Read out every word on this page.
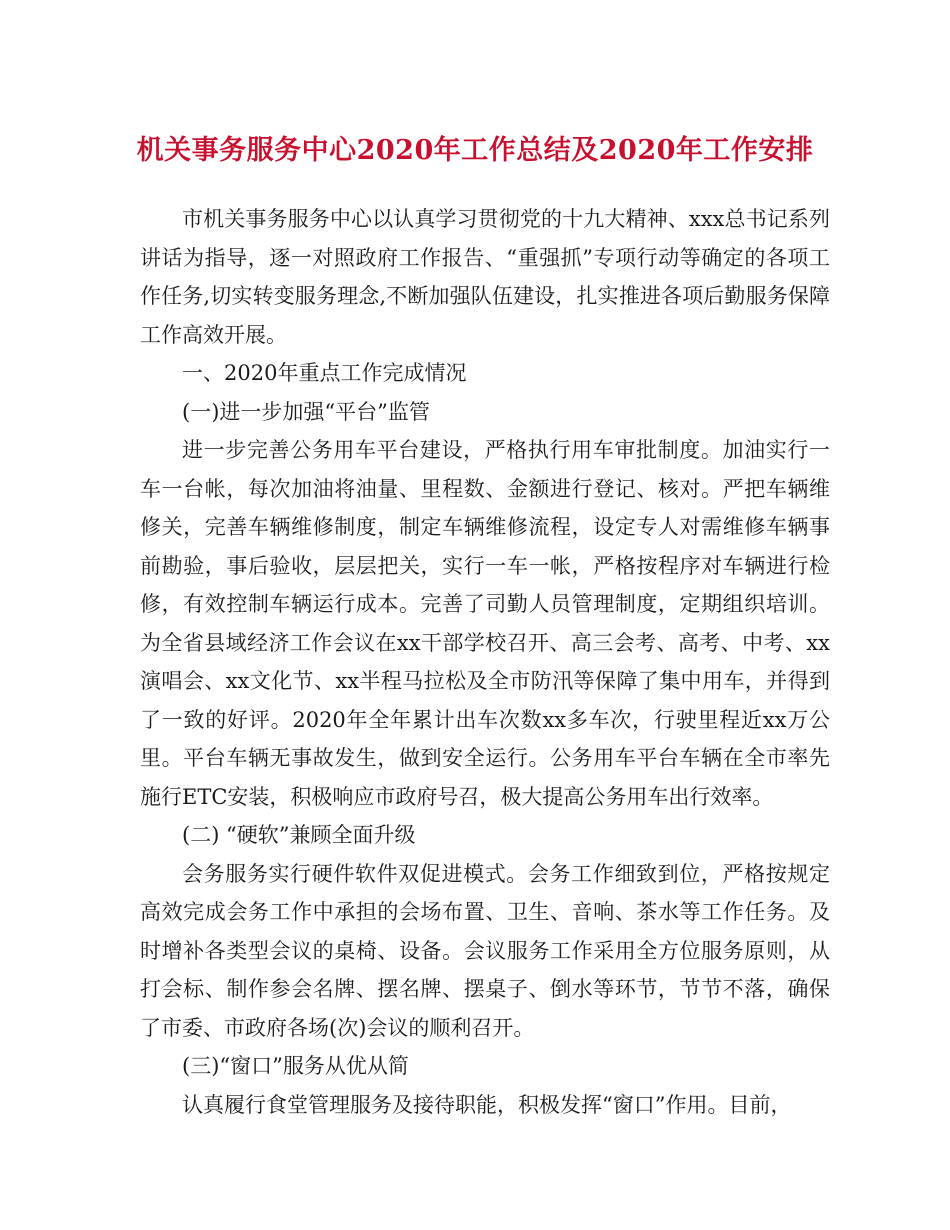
机关事务服务中心2020年工作总结及2020年工作安排

市机关事务服务中心以认真学习贯彻党的十九大精神、xxx总书记系列讲话为指导，逐一对照政府工作报告、“重强抓”专项行动等确定的各项工作任务,切实转变服务理念,不断加强队伍建设，扎实推进各项后勤服务保障工作高效开展。

一、2020年重点工作完成情况

(一)进一步加强“平台”监管

进一步完善公务用车平台建设，严格执行用车审批制度。加油实行一车一台帐，每次加油将油量、里程数、金额进行登记、核对。严把车辆维修关，完善车辆维修制度，制定车辆维修流程，设定专人对需维修车辆事前勘验，事后验收，层层把关，实行一车一帐，严格按程序对车辆进行检修，有效控制车辆运行成本。完善了司勤人员管理制度，定期组织培训。为全省县域经济工作会议在xx干部学校召开、高三会考、高考、中考、xx演唱会、xx文化节、xx半程马拉松及全市防汛等保障了集中用车，并得到了一致的好评。2020年全年累计出车次数xx多车次，行驶里程近xx万公里。平台车辆无事故发生，做到安全运行。公务用车平台车辆在全市率先施行ETC安装，积极响应市政府号召，极大提高公务用车出行效率。

(二) “硬软”兼顾全面升级

会务服务实行硬件软件双促进模式。会务工作细致到位，严格按规定高效完成会务工作中承担的会场布置、卫生、音响、茶水等工作任务。及时增补各类型会议的桌椅、设备。会议服务工作采用全方位服务原则，从打会标、制作参会名牌、摆名牌、摆桌子、倒水等环节，节节不落，确保了市委、市政府各场(次)会议的顺利召开。

(三)“窗口”服务从优从简

认真履行食堂管理服务及接待职能，积极发挥“窗口”作用。目前，
